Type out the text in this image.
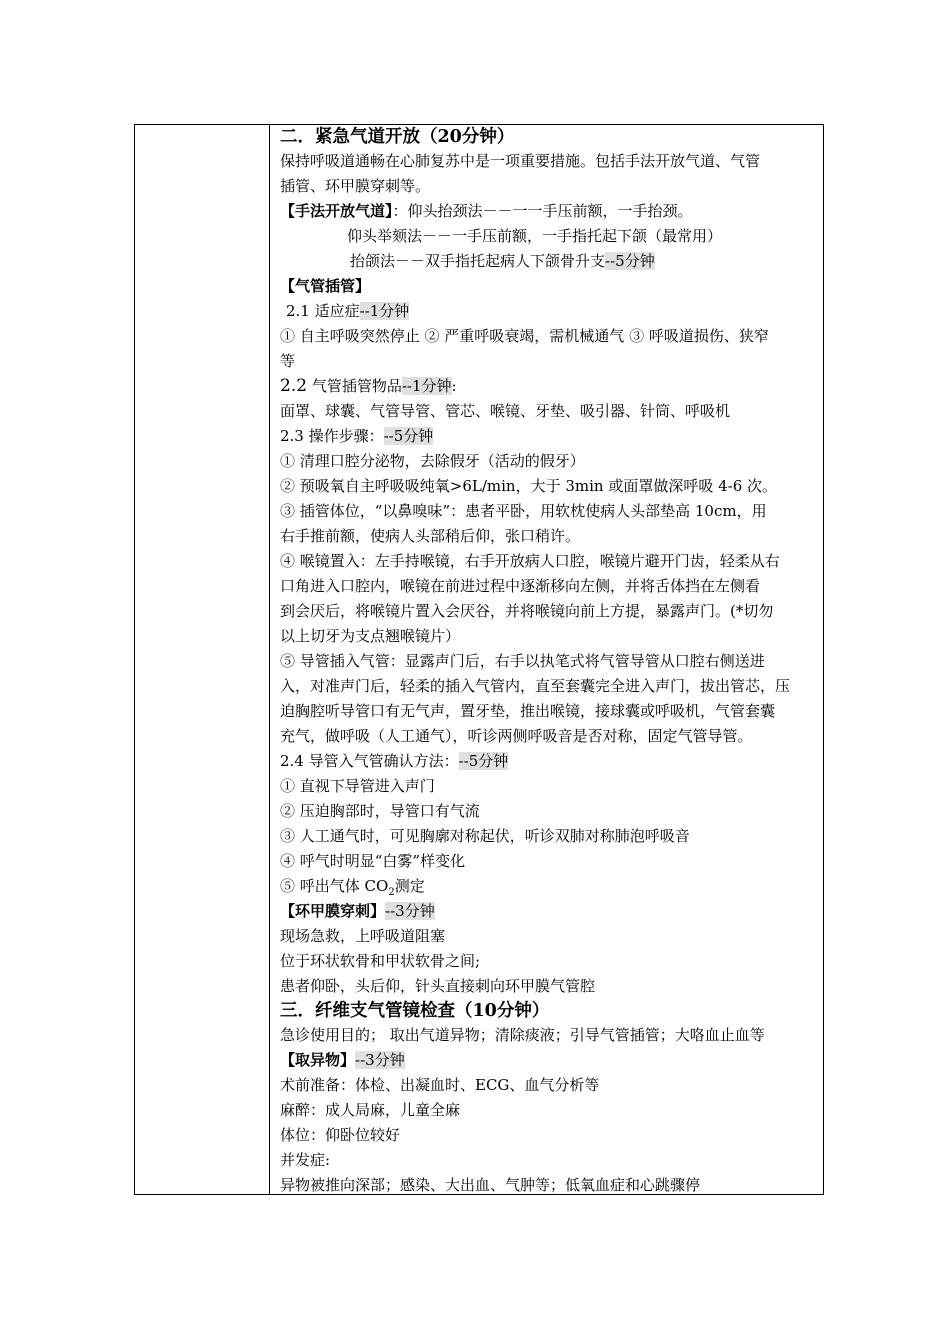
二．紧急气道开放（20分钟）
保持呼吸道通畅在心肺复苏中是一项重要措施。包括手法开放气道、气管
插管、环甲膜穿刺等。
【手法开放气道】：仰头抬颈法－－一一手压前额，一手抬颈。
仰头举颏法－－一手压前额，一手指托起下颌（最常用）
抬颌法－－双手指托起病人下颌骨升支--5分钟
【气管插管】
2.1 适应症--1分钟
① 自主呼吸突然停止 ② 严重呼吸衰竭，需机械通气 ③ 呼吸道损伤、狭窄
等
2.2 气管插管物品--1分钟:
面罩、球囊、气管导管、管芯、喉镜、牙垫、吸引器、针筒、呼吸机
2.3 操作步骤：--5分钟
① 清理口腔分泌物，去除假牙（活动的假牙）
② 预吸氧自主呼吸吸纯氧>6L/min，大于 3min 或面罩做深呼吸 4-6 次。
③ 插管体位，“以鼻嗅味”：患者平卧，用软枕使病人头部垫高 10cm，用
右手推前额，使病人头部稍后仰，张口稍许。
④ 喉镜置入：左手持喉镜，右手开放病人口腔，喉镜片避开门齿，轻柔从右
口角进入口腔内，喉镜在前进过程中逐渐移向左侧，并将舌体挡在左侧看
到会厌后，将喉镜片置入会厌谷，并将喉镜向前上方提，暴露声门。(*切勿
以上切牙为支点翘喉镜片）
⑤ 导管插入气管：显露声门后，右手以执笔式将气管导管从口腔右侧送进
入，对准声门后，轻柔的插入气管内，直至套囊完全进入声门，拔出管芯，压
迫胸腔听导管口有无气声，置牙垫，推出喉镜，接球囊或呼吸机，气管套囊
充气，做呼吸（人工通气），听诊两侧呼吸音是否对称，固定气管导管。
2.4 导管入气管确认方法：--5分钟
① 直视下导管进入声门
② 压迫胸部时，导管口有气流
③ 人工通气时，可见胸廓对称起伏，听诊双肺对称肺泡呼吸音
④ 呼气时明显“白雾”样变化
⑤ 呼出气体 $CO_2$测定
【环甲膜穿刺】--3分钟
现场急救，上呼吸道阻塞
位于环状软骨和甲状软骨之间;
患者仰卧，头后仰，针头直接刺向环甲膜气管腔
三．纤维支气管镜检查（10分钟）
急诊使用目的； 取出气道异物；清除痰液；引导气管插管；大咯血止血等
【取异物】--3分钟
术前准备：体检、出凝血时、ECG、血气分析等
麻醉：成人局麻，儿童全麻
体位：仰卧位较好
并发症:
异物被推向深部；感染、大出血、气肿等；低氧血症和心跳骤停
